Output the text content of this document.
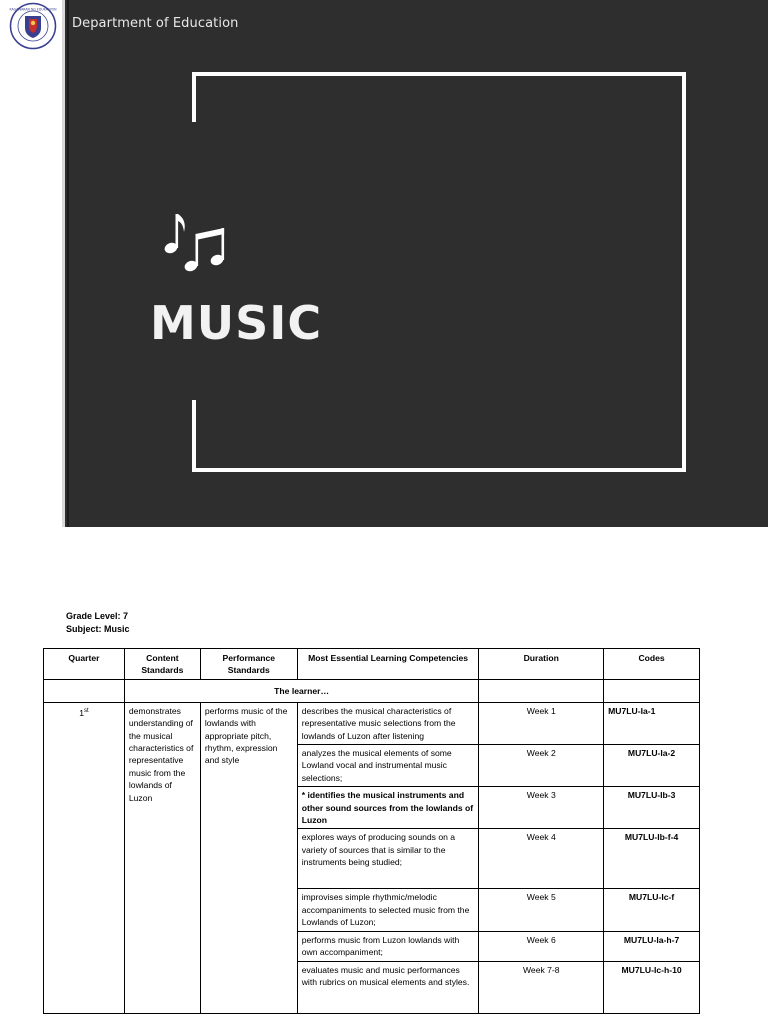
KAGAWARAN NG EDUKASYON
Department of Education
MUSIC
Grade Level: 7
Subject: Music
Quarter	Content Standards	Performance Standards	Most Essential Learning Competencies	Duration	Codes
	The learner…				
1st	demonstrates understanding of the musical characteristics of representative music from the lowlands of Luzon	performs music of the lowlands with appropriate pitch, rhythm, expression and style	describes the musical characteristics of representative music selections from the lowlands of Luzon after listening	Week 1	MU7LU-Ia-1
			analyzes the musical elements of some Lowland vocal and instrumental music selections;	Week 2	MU7LU-Ia-2
			* identifies the musical instruments and other sound sources from the lowlands of Luzon	Week 3	MU7LU-Ib-3
			explores ways of producing sounds on a variety of sources that is similar to the instruments being studied;	Week 4	MU7LU-Ib-f-4
			improvises simple rhythmic/melodic accompaniments to selected music from the Lowlands of Luzon;	Week 5	MU7LU-Ic-f
			performs music from Luzon lowlands with own accompaniment;	Week 6	MU7LU-Ia-h-7
			evaluates music and music performances with rubrics on musical elements and styles.	Week 7-8	MU7LU-Ic-h-10
